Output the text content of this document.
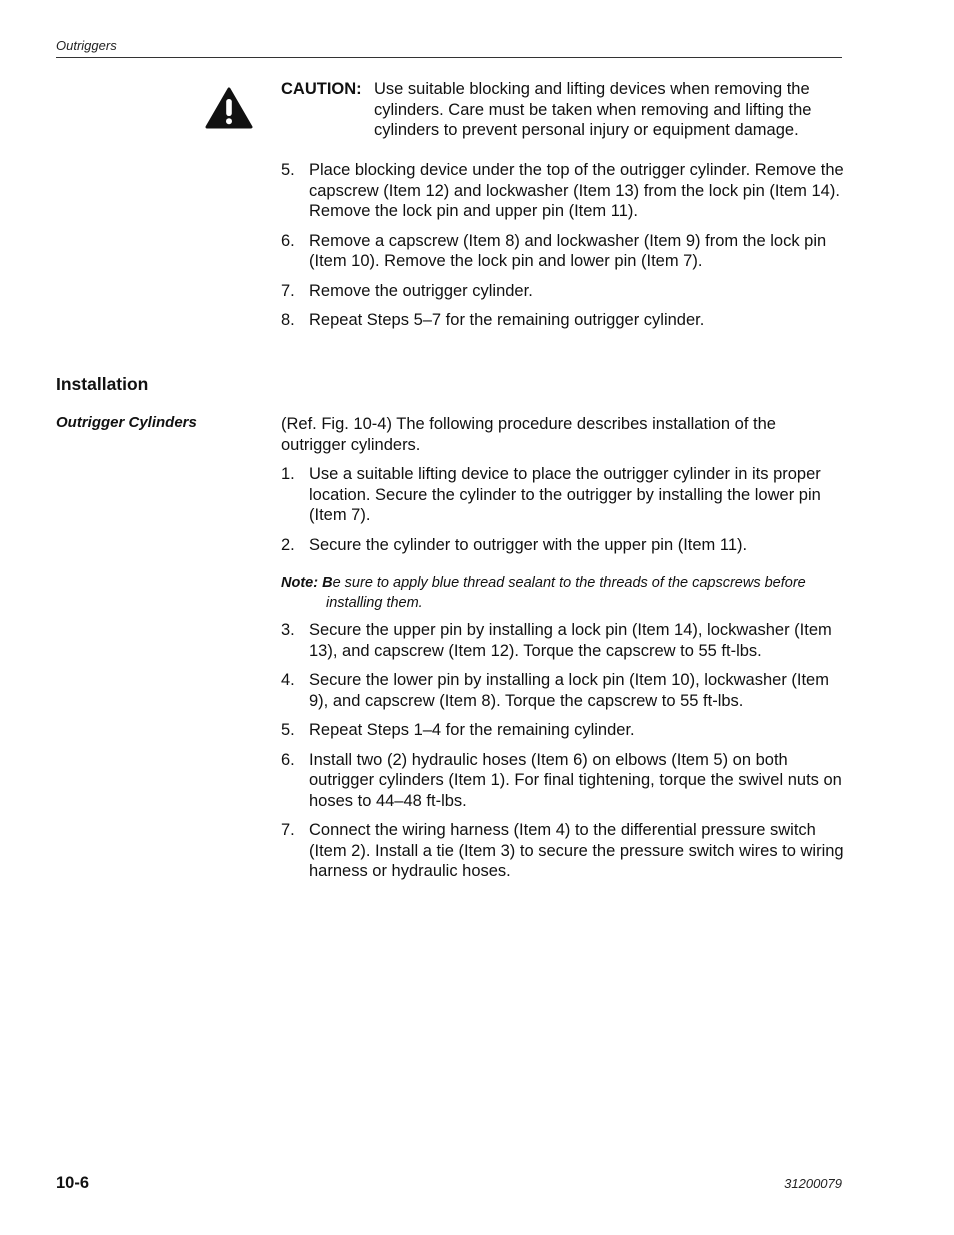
Outriggers
CAUTION: Use suitable blocking and lifting devices when removing the cylinders. Care must be taken when removing and lifting the cylinders to prevent personal injury or equipment damage.
5. Place blocking device under the top of the outrigger cylinder. Remove the capscrew (Item 12) and lockwasher (Item 13) from the lock pin (Item 14). Remove the lock pin and upper pin (Item 11).
6. Remove a capscrew (Item 8) and lockwasher (Item 9) from the lock pin (Item 10). Remove the lock pin and lower pin (Item 7).
7. Remove the outrigger cylinder.
8. Repeat Steps 5–7 for the remaining outrigger cylinder.
Installation
Outrigger Cylinders	(Ref. Fig. 10-4) The following procedure describes installation of the outrigger cylinders.
1. Use a suitable lifting device to place the outrigger cylinder in its proper location. Secure the cylinder to the outrigger by installing the lower pin (Item 7).
2. Secure the cylinder to outrigger with the upper pin (Item 11).
Note: Be sure to apply blue thread sealant to the threads of the capscrews before installing them.
3. Secure the upper pin by installing a lock pin (Item 14), lockwasher (Item 13), and capscrew (Item 12). Torque the capscrew to 55 ft-lbs.
4. Secure the lower pin by installing a lock pin (Item 10), lockwasher (Item 9), and capscrew (Item 8). Torque the capscrew to 55 ft-lbs.
5. Repeat Steps 1–4 for the remaining cylinder.
6. Install two (2) hydraulic hoses (Item 6) on elbows (Item 5) on both outrigger cylinders (Item 1). For final tightening, torque the swivel nuts on hoses to 44–48 ft-lbs.
7. Connect the wiring harness (Item 4) to the differential pressure switch (Item 2). Install a tie (Item 3) to secure the pressure switch wires to wiring harness or hydraulic hoses.
10-6	31200079
